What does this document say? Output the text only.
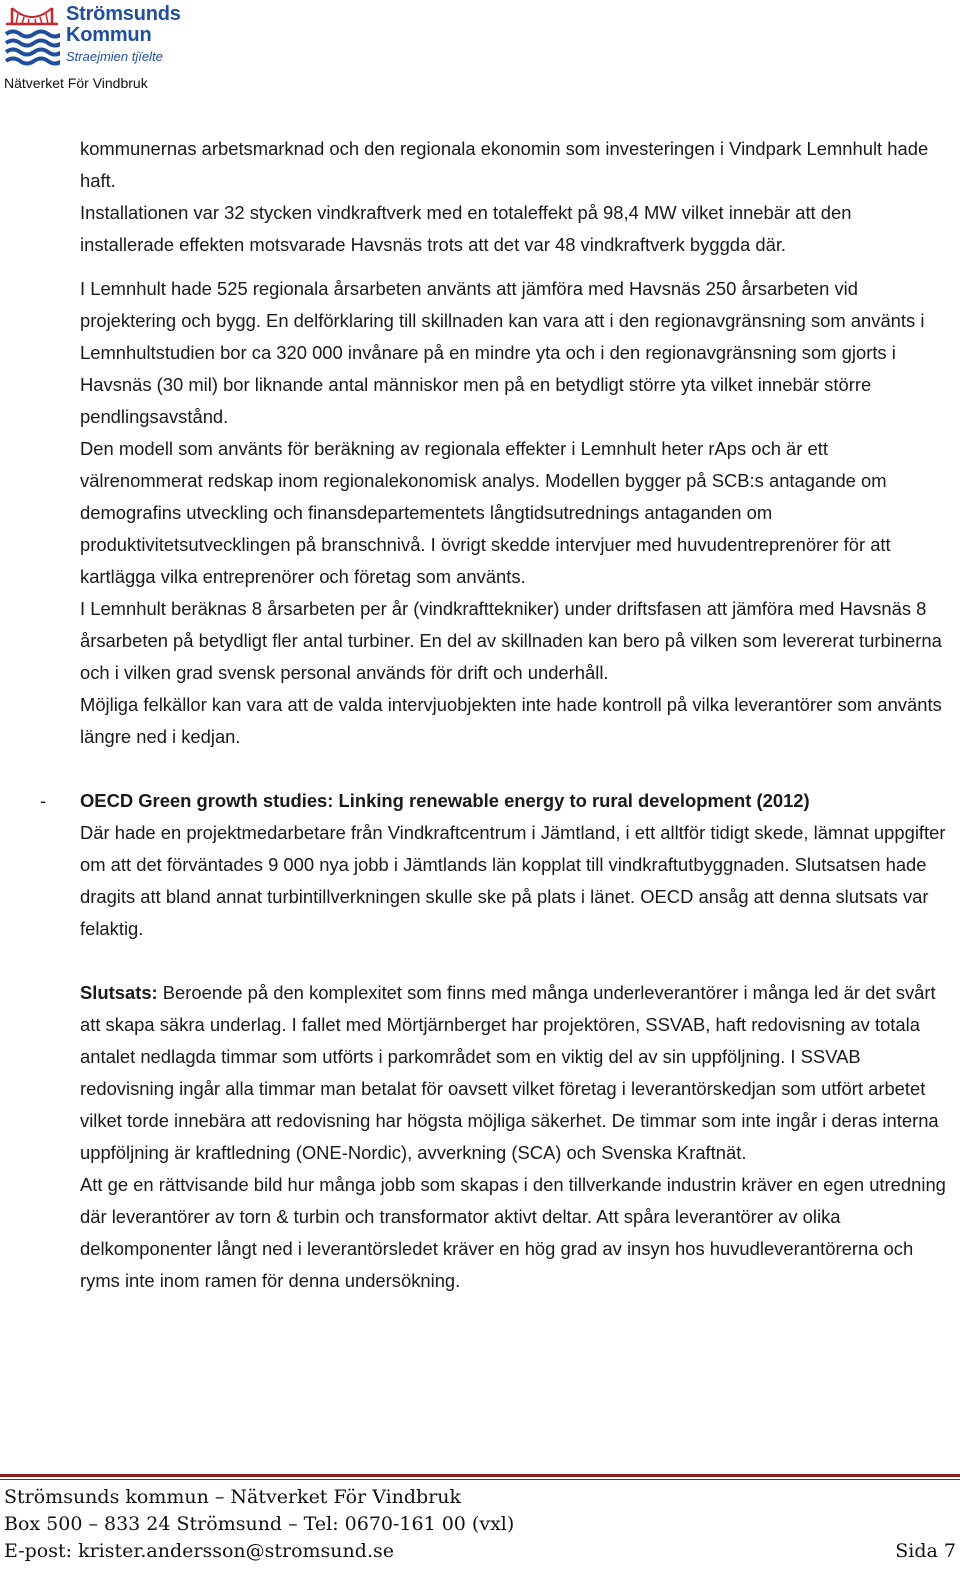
Strömsunds
Kommun
Straejmien tjïelte
Nätverket För Vindbruk

kommunernas arbetsmarknad och den regionala ekonomin som investeringen i Vindpark Lemnhult hade haft.

Installationen var 32 stycken vindkraftverk med en totaleffekt på 98,4 MW vilket innebär att den installerade effekten motsvarade Havsnäs trots att det var 48 vindkraftverk byggda där.

I Lemnhult hade 525 regionala årsarbeten använts att jämföra med Havsnäs 250 årsarbeten vid projektering och bygg. En delförklaring till skillnaden kan vara att i den regionavgränsning som använts i Lemnhultstudien bor ca 320 000 invånare på en mindre yta och i den regionavgränsning som gjorts i Havsnäs (30 mil) bor liknande antal människor men på en betydligt större yta vilket innebär större pendlingsavstånd.

Den modell som använts för beräkning av regionala effekter i Lemnhult heter rAps och är ett välrenommerat redskap inom regionalekonomisk analys. Modellen bygger på SCB:s antagande om demografins utveckling och finansdepartementets långtidsutrednings antaganden om produktivitetsutvecklingen på branschnivå. I övrigt skedde intervjuer med huvudentreprenörer för att kartlägga vilka entreprenörer och företag som använts.

I Lemnhult beräknas 8 årsarbeten per år (vindkrafttekniker) under driftsfasen att jämföra med Havsnäs 8 årsarbeten på betydligt fler antal turbiner. En del av skillnaden kan bero på vilken som levererat turbinerna och i vilken grad svensk personal används för drift och underhåll.

Möjliga felkällor kan vara att de valda intervjuobjekten inte hade kontroll på vilka leverantörer som använts längre ned i kedjan.

- OECD Green growth studies: Linking renewable energy to rural development (2012)

Där hade en projektmedarbetare från Vindkraftcentrum i Jämtland, i ett alltför tidigt skede, lämnat uppgifter om att det förväntades 9 000 nya jobb i Jämtlands län kopplat till vindkraftutbyggnaden. Slutsatsen hade dragits att bland annat turbintillverkningen skulle ske på plats i länet. OECD ansåg att denna slutsats var felaktig.

Slutsats: Beroende på den komplexitet som finns med många underleverantörer i många led är det svårt att skapa säkra underlag. I fallet med Mörtjärnberget har projektören, SSVAB, haft redovisning av totala antalet nedlagda timmar som utförts i parkområdet som en viktig del av sin uppföljning. I SSVAB redovisning ingår alla timmar man betalat för oavsett vilket företag i leverantörskedjan som utfört arbetet vilket torde innebära att redovisning har högsta möjliga säkerhet. De timmar som inte ingår i deras interna uppföljning är kraftledning (ONE-Nordic), avverkning (SCA) och Svenska Kraftnät.

Att ge en rättvisande bild hur många jobb som skapas i den tillverkande industrin kräver en egen utredning där leverantörer av torn & turbin och transformator aktivt deltar. Att spåra leverantörer av olika delkomponenter långt ned i leverantörsledet kräver en hög grad av insyn hos huvudleverantörerna och ryms inte inom ramen för denna undersökning.

Strömsunds kommun – Nätverket För Vindbruk
Box 500 – 833 24 Strömsund – Tel: 0670-161 00 (vxl)
E-post: krister.andersson@stromsund.se	Sida 7
